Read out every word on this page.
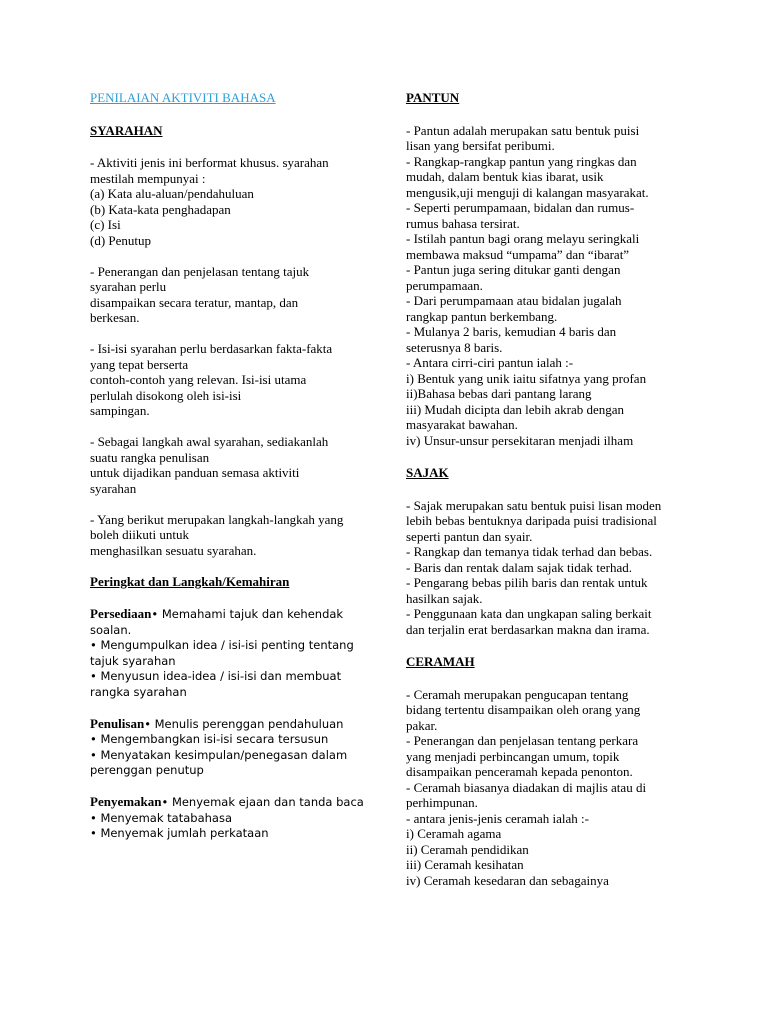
PENILAIAN AKTIVITI BAHASA
SYARAHAN

- Aktiviti jenis ini berformat khusus. syarahan
mestilah mempunyai :
(a) Kata alu-aluan/pendahuluan
(b) Kata-kata penghadapan
(c) Isi
(d) Penutup

- Penerangan dan penjelasan tentang tajuk
syarahan perlu
disampaikan secara teratur, mantap, dan
berkesan.

- Isi-isi syarahan perlu berdasarkan fakta-fakta
yang tepat berserta
contoh-contoh yang relevan. Isi-isi utama
perlulah disokong oleh isi-isi
sampingan.

- Sebagai langkah awal syarahan, sediakanlah
suatu rangka penulisan
untuk dijadikan panduan semasa aktiviti
syarahan

- Yang berikut merupakan langkah-langkah yang
boleh diikuti untuk
menghasilkan sesuatu syarahan.

Peringkat dan Langkah/Kemahiran

Persediaan• Memahami tajuk dan kehendak
soalan.
• Mengumpulkan idea / isi-isi penting tentang
tajuk syarahan
• Menyusun idea-idea / isi-isi dan membuat
rangka syarahan

Penulisan• Menulis perenggan pendahuluan
• Mengembangkan isi-isi secara tersusun
• Menyatakan kesimpulan/penegasan dalam
perenggan penutup

Penyemakan• Menyemak ejaan dan tanda baca
• Menyemak tatabahasa
• Menyemak jumlah perkataan

PANTUN

- Pantun adalah merupakan satu bentuk puisi
lisan yang bersifat peribumi.
- Rangkap-rangkap pantun yang ringkas dan
mudah, dalam bentuk kias ibarat, usik
mengusik,uji menguji di kalangan masyarakat.
- Seperti perumpamaan, bidalan dan rumus-
rumus bahasa tersirat.
- Istilah pantun bagi orang melayu seringkali
membawa maksud “umpama” dan “ibarat”
- Pantun juga sering ditukar ganti dengan
perumpamaan.
- Dari perumpamaan atau bidalan jugalah
rangkap pantun berkembang.
- Mulanya 2 baris, kemudian 4 baris dan
seterusnya 8 baris.
- Antara cirri-ciri pantun ialah :-
i) Bentuk yang unik iaitu sifatnya yang profan
ii)Bahasa bebas dari pantang larang
iii) Mudah dicipta dan lebih akrab dengan
masyarakat bawahan.
iv) Unsur-unsur persekitaran menjadi ilham

SAJAK

- Sajak merupakan satu bentuk puisi lisan moden
lebih bebas bentuknya daripada puisi tradisional
seperti pantun dan syair.
- Rangkap dan temanya tidak terhad dan bebas.
- Baris dan rentak dalam sajak tidak terhad.
- Pengarang bebas pilih baris dan rentak untuk
hasilkan sajak.
- Penggunaan kata dan ungkapan saling berkait
dan terjalin erat berdasarkan makna dan irama.

CERAMAH

- Ceramah merupakan pengucapan tentang
bidang tertentu disampaikan oleh orang yang
pakar.
- Penerangan dan penjelasan tentang perkara
yang menjadi perbincangan umum, topik
disampaikan penceramah kepada penonton.
- Ceramah biasanya diadakan di majlis atau di
perhimpunan.
- antara jenis-jenis ceramah ialah :-
i) Ceramah agama
ii) Ceramah pendidikan
iii) Ceramah kesihatan
iv) Ceramah kesedaran dan sebagainya
